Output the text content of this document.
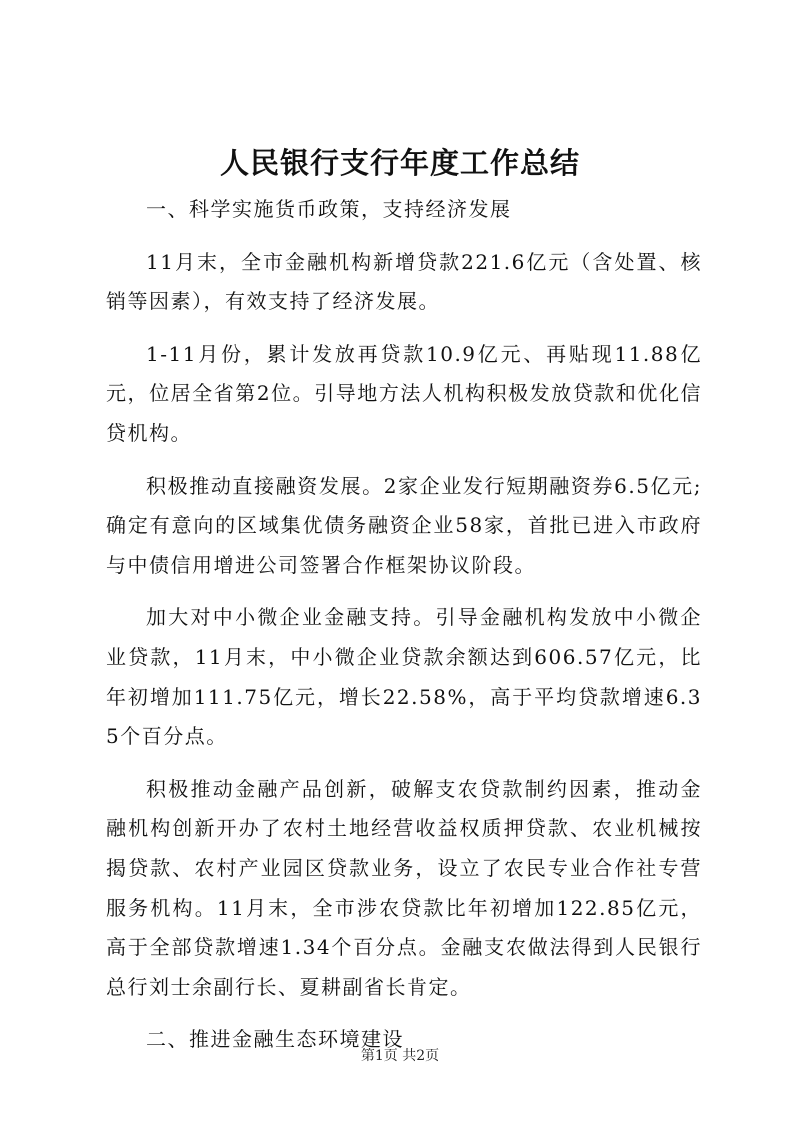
人民银行支行年度工作总结

一、科学实施货币政策，支持经济发展

11月末，全市金融机构新增贷款221.6亿元（含处置、核销等因素），有效支持了经济发展。

1-11月份，累计发放再贷款10.9亿元、再贴现11.88亿元，位居全省第2位。引导地方法人机构积极发放贷款和优化信贷机构。

积极推动直接融资发展。2家企业发行短期融资券6.5亿元;确定有意向的区域集优债务融资企业58家，首批已进入市政府与中债信用增进公司签署合作框架协议阶段。

加大对中小微企业金融支持。引导金融机构发放中小微企业贷款，11月末，中小微企业贷款余额达到606.57亿元，比年初增加111.75亿元，增长22.58%，高于平均贷款增速6.35个百分点。

积极推动金融产品创新，破解支农贷款制约因素，推动金融机构创新开办了农村土地经营收益权质押贷款、农业机械按揭贷款、农村产业园区贷款业务，设立了农民专业合作社专营服务机构。11月末，全市涉农贷款比年初增加122.85亿元，高于全部贷款增速1.34个百分点。金融支农做法得到人民银行总行刘士余副行长、夏耕副省长肯定。

二、推进金融生态环境建设

第1页 共2页
